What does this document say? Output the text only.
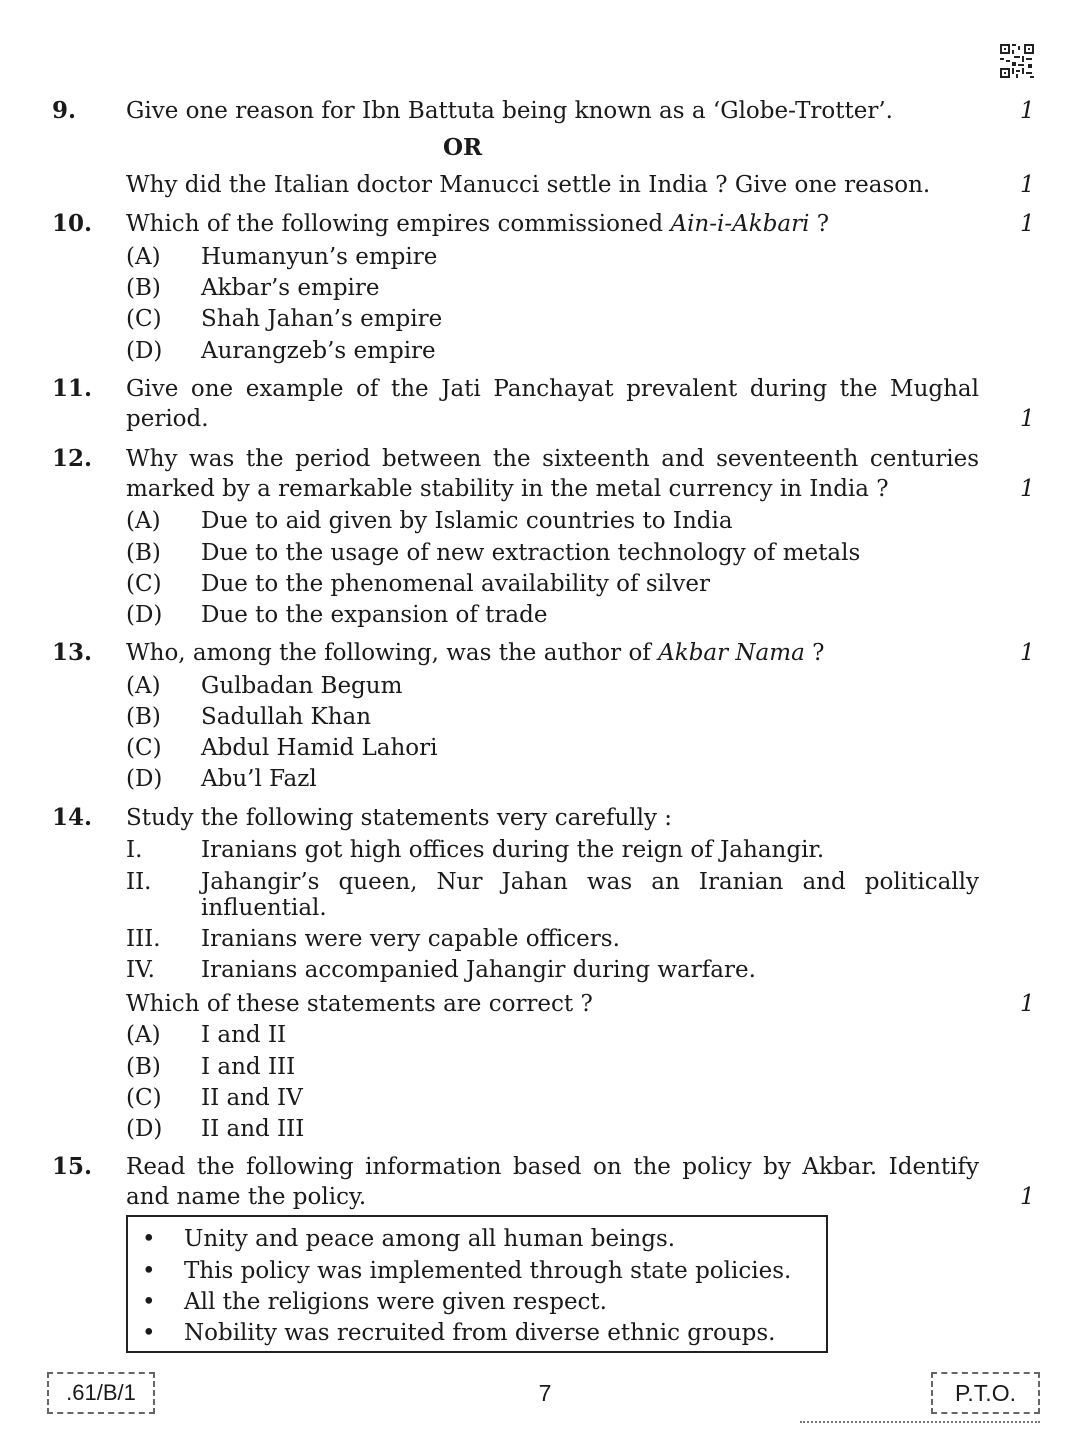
9. Give one reason for Ibn Battuta being known as a ‘Globe-Trotter’.	1
OR
Why did the Italian doctor Manucci settle in India ? Give one reason.	1
10. Which of the following empires commissioned Ain-i-Akbari ?	1
(A) Humanyun’s empire
(B) Akbar’s empire
(C) Shah Jahan’s empire
(D) Aurangzeb’s empire
11. Give one example of the Jati Panchayat prevalent during the Mughal period.	1
12. Why was the period between the sixteenth and seventeenth centuries marked by a remarkable stability in the metal currency in India ?	1
(A) Due to aid given by Islamic countries to India
(B) Due to the usage of new extraction technology of metals
(C) Due to the phenomenal availability of silver
(D) Due to the expansion of trade
13. Who, among the following, was the author of Akbar Nama ?	1
(A) Gulbadan Begum
(B) Sadullah Khan
(C) Abdul Hamid Lahori
(D) Abu’l Fazl
14. Study the following statements very carefully :
I.	Iranians got high offices during the reign of Jahangir.
II. Jahangir’s queen, Nur Jahan was an Iranian and politically influential.
III. Iranians were very capable officers.
IV. Iranians accompanied Jahangir during warfare.
Which of these statements are correct ?	1
(A) I and II
(B) I and III
(C) II and IV
(D) II and III
15. Read the following information based on the policy by Akbar. Identify and name the policy.	1
• Unity and peace among all human beings.
• This policy was implemented through state policies.
• All the religions were given respect.
• Nobility was recruited from diverse ethnic groups.
.61/B/1	7	P.T.O.
